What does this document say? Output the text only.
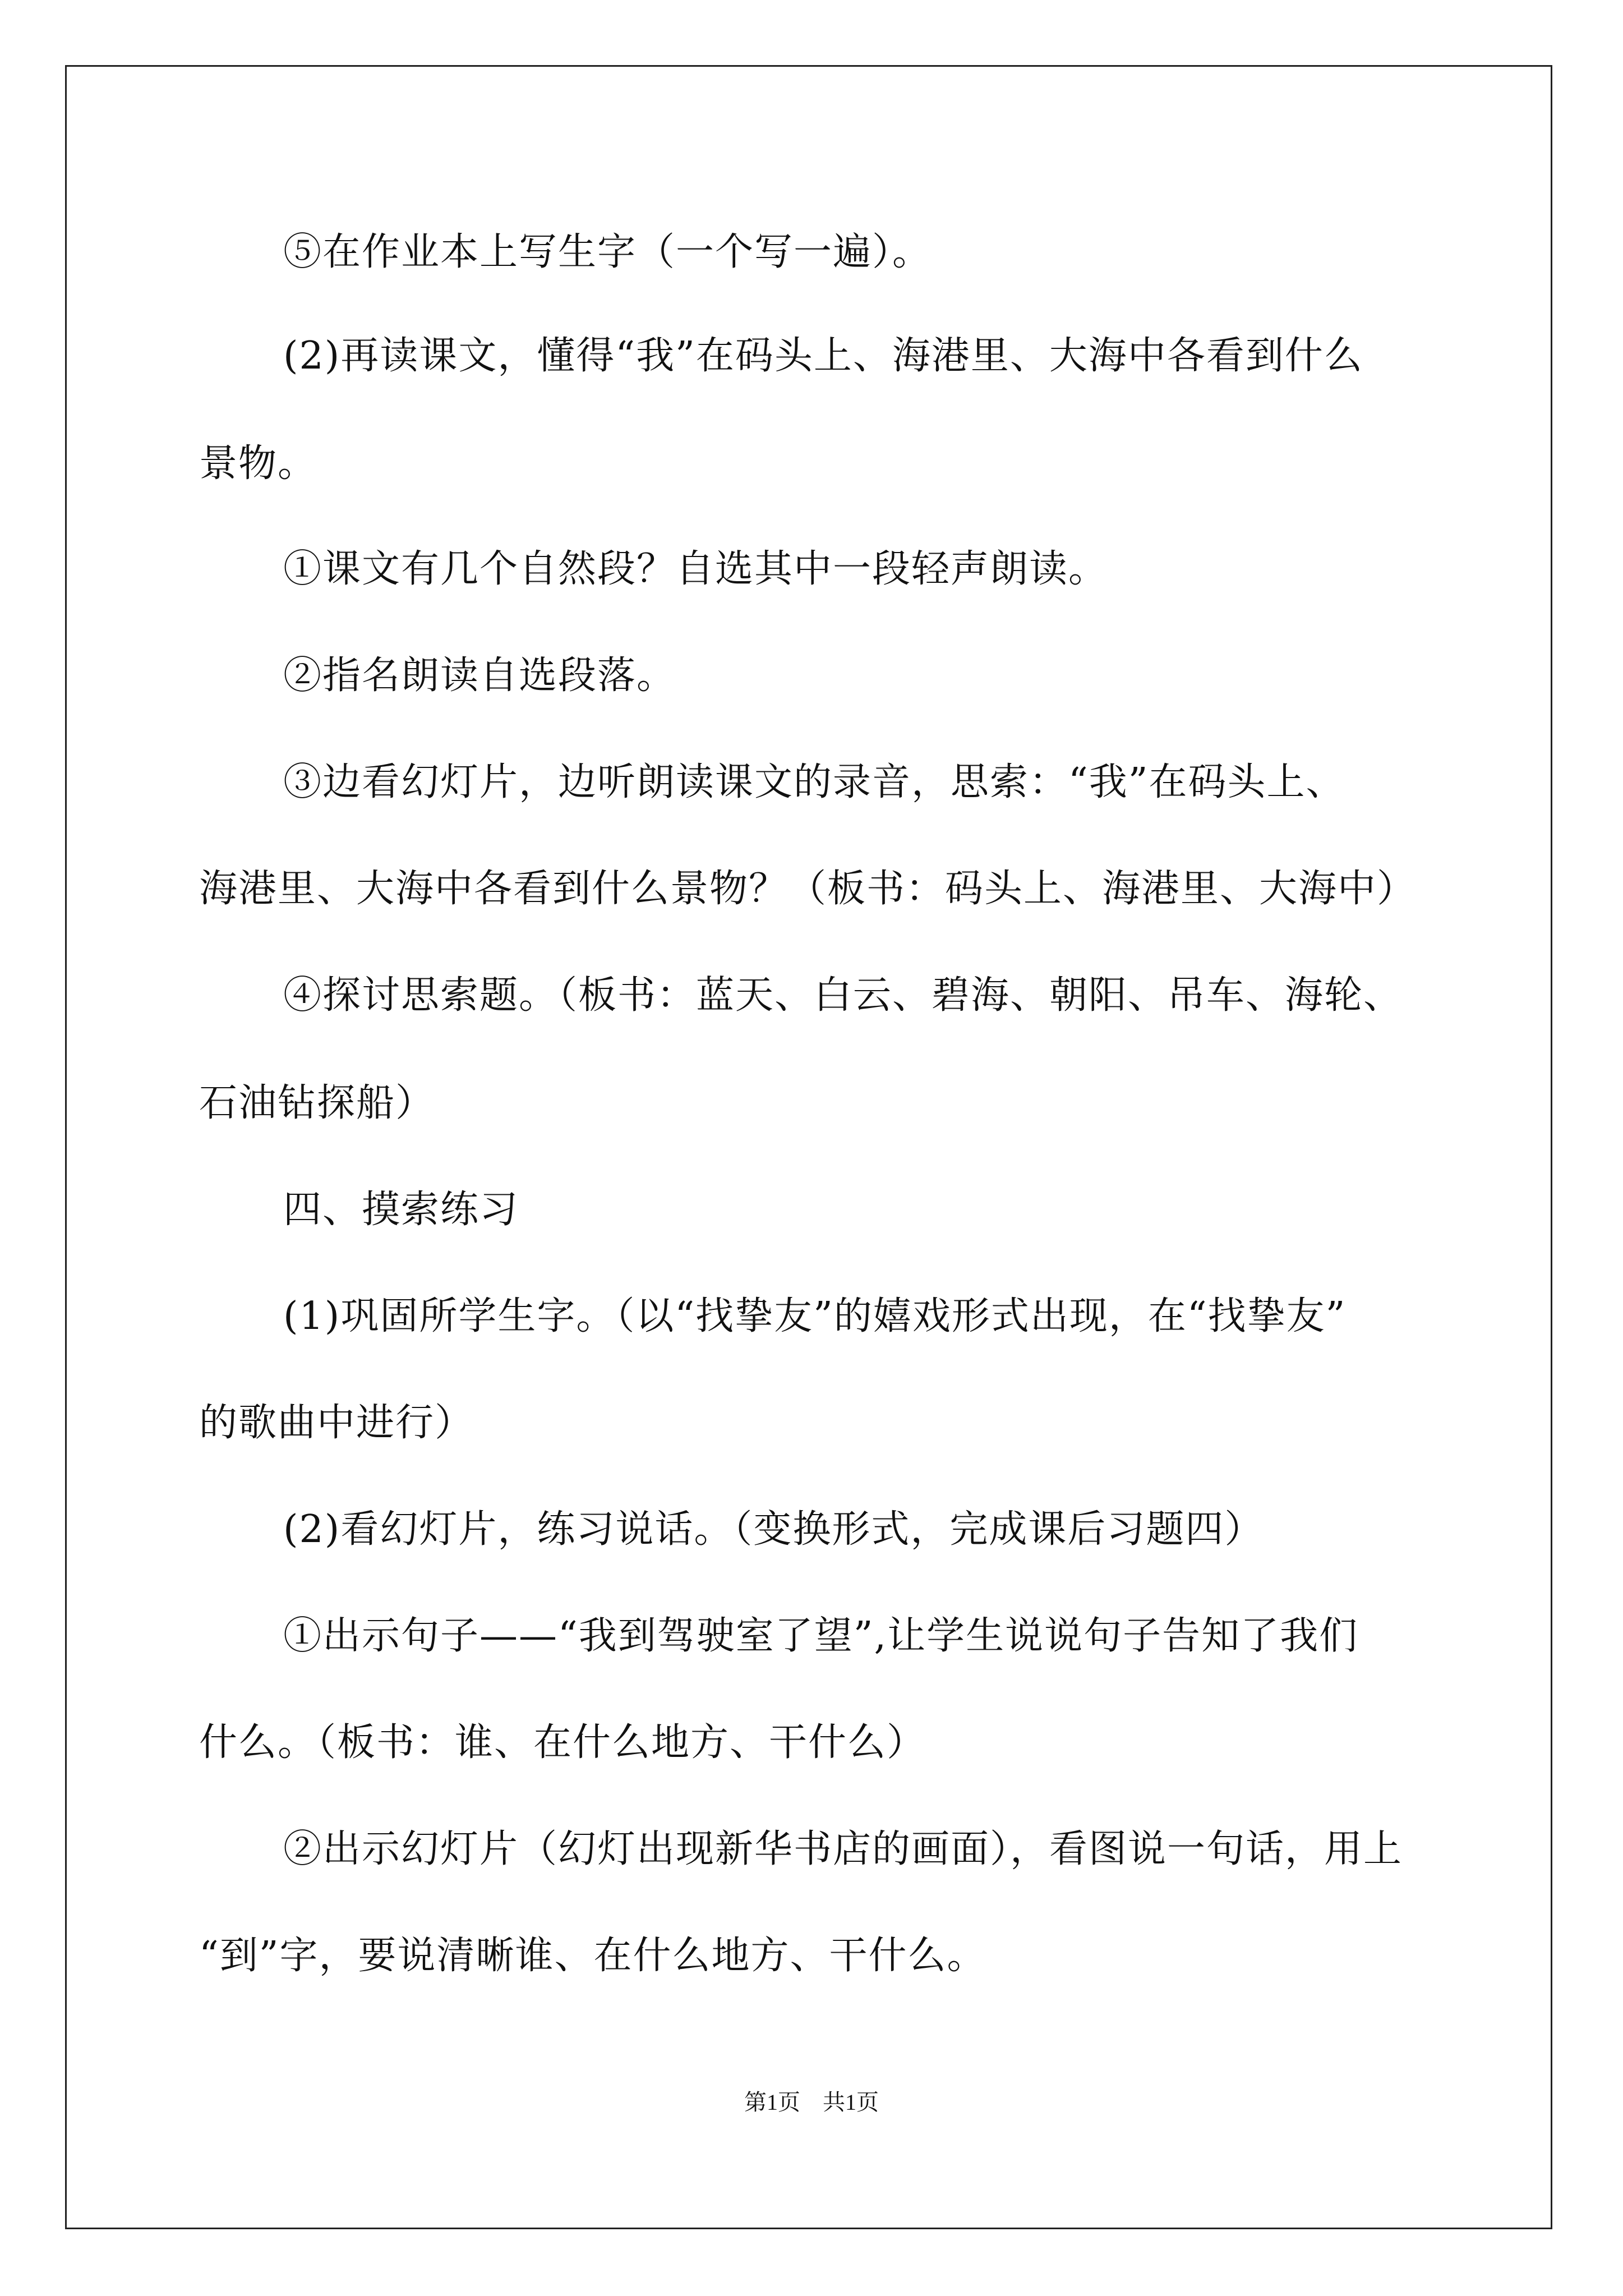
⑤在作业本上写生字（一个写一遍）。
(2)再读课文，懂得“我”在码头上、海港里、大海中各看到什么
景物。
①课文有几个自然段？自选其中一段轻声朗读。
②指名朗读自选段落。
③边看幻灯片，边听朗读课文的录音，思索：“我”在码头上、
海港里、大海中各看到什么景物？（板书：码头上、海港里、大海中）
④探讨思索题。（板书：蓝天、白云、碧海、朝阳、吊车、海轮、
石油钻探船）
四、摸索练习
(1)巩固所学生字。（以“找挚友”的嬉戏形式出现，在“找挚友”
的歌曲中进行）
(2)看幻灯片，练习说话。（变换形式，完成课后习题四）
①出示句子——“我到驾驶室了望”,让学生说说句子告知了我们
什么。（板书：谁、在什么地方、干什么）
②出示幻灯片（幻灯出现新华书店的画面），看图说一句话，用上
“到”字，要说清晰谁、在什么地方、干什么。
第1页　共1页
